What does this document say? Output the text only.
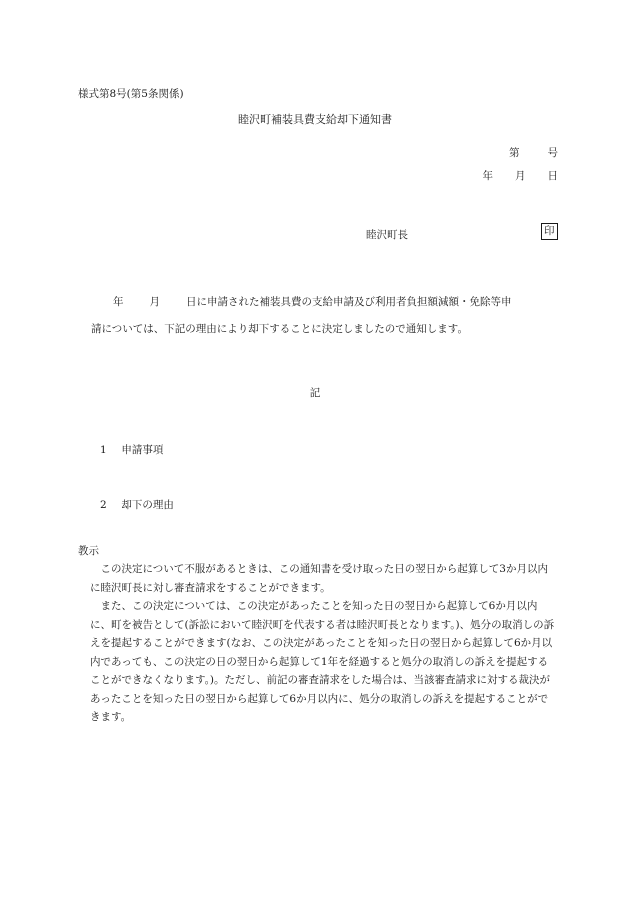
様式第8号(第5条関係)
睦沢町補装具費支給却下通知書
第	号
年 月 日
睦沢町長	印
年 月 日に申請された補装具費の支給申請及び利用者負担額減額・免除等申
請については、下記の理由により却下することに決定しましたので通知します。
記
1 申請事項
2 却下の理由
教示

この決定について不服があるときは、この通知書を受け取った日の翌日から起算して3か月以内に睦沢町長に対し審査請求をすることができます。

また、この決定については、この決定があったことを知った日の翌日から起算して6か月以内に、町を被告として(訴訟において睦沢町を代表する者は睦沢町長となります。)、処分の取消しの訴えを提起することができます(なお、この決定があったことを知った日の翌日から起算して6か月以内であっても、この決定の日の翌日から起算して1年を経過すると処分の取消しの訴えを提起することができなくなります。)。ただし、前記の審査請求をした場合は、当該審査請求に対する裁決があったことを知った日の翌日から起算して6か月以内に、処分の取消しの訴えを提起することができます。
